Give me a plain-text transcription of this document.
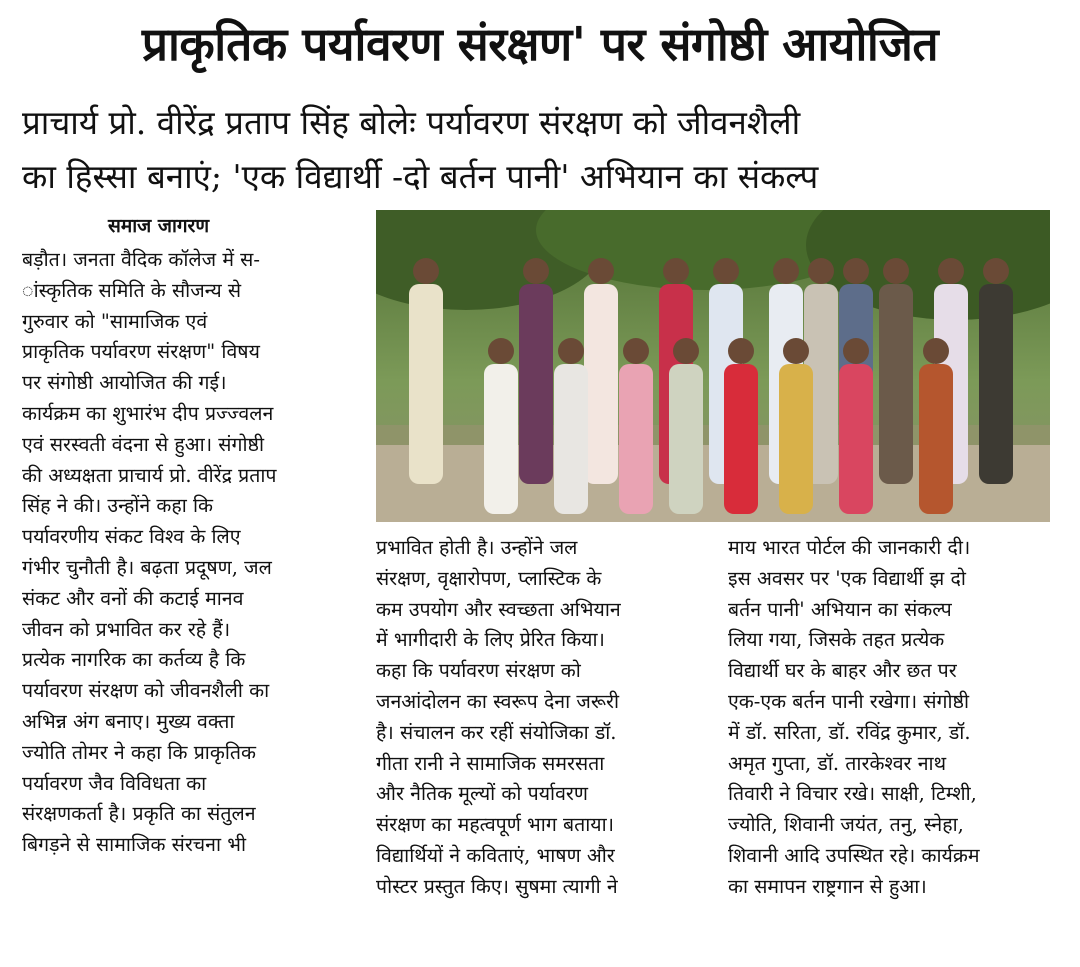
प्राकृतिक पर्यावरण संरक्षण' पर संगोष्ठी आयोजित
प्राचार्य प्रो. वीरेंद्र प्रताप सिंह बोलेः पर्यावरण संरक्षण को जीवनशैली
का हिस्सा बनाएं; 'एक विद्यार्थी -दो बर्तन पानी' अभियान का संकल्प
समाज जागरण
बड़ौत। जनता वैदिक कॉलेज में स-
ांस्कृतिक समिति के सौजन्य से
गुरुवार को "सामाजिक एवं
प्राकृतिक पर्यावरण संरक्षण" विषय
पर संगोष्ठी आयोजित की गई।
कार्यक्रम का शुभारंभ दीप प्रज्ज्वलन
एवं सरस्वती वंदना से हुआ। संगोष्ठी
की अध्यक्षता प्राचार्य प्रो. वीरेंद्र प्रताप
सिंह ने की। उन्होंने कहा कि
पर्यावरणीय संकट विश्व के लिए
गंभीर चुनौती है। बढ़ता प्रदूषण, जल
संकट और वनों की कटाई मानव
जीवन को प्रभावित कर रहे हैं।
प्रत्येक नागरिक का कर्तव्य है कि
पर्यावरण संरक्षण को जीवनशैली का
अभिन्न अंग बनाए। मुख्य वक्ता
ज्योति तोमर ने कहा कि प्राकृतिक
पर्यावरण जैव विविधता का
संरक्षणकर्ता है। प्रकृति का संतुलन
बिगड़ने से सामाजिक संरचना भी
प्रभावित होती है। उन्होंने जल
संरक्षण, वृक्षारोपण, प्लास्टिक के
कम उपयोग और स्वच्छता अभियान
में भागीदारी के लिए प्रेरित किया।
कहा कि पर्यावरण संरक्षण को
जनआंदोलन का स्वरूप देना जरूरी
है। संचालन कर रहीं संयोजिका डॉ.
गीता रानी ने सामाजिक समरसता
और नैतिक मूल्यों को पर्यावरण
संरक्षण का महत्वपूर्ण भाग बताया।
विद्यार्थियों ने कविताएं, भाषण और
पोस्टर प्रस्तुत किए। सुषमा त्यागी ने
माय भारत पोर्टल की जानकारी दी।
इस अवसर पर 'एक विद्यार्थी झ दो
बर्तन पानी' अभियान का संकल्प
लिया गया, जिसके तहत प्रत्येक
विद्यार्थी घर के बाहर और छत पर
एक-एक बर्तन पानी रखेगा। संगोष्ठी
में डॉ. सरिता, डॉ. रविंद्र कुमार, डॉ.
अमृत गुप्ता, डॉ. तारकेश्वर नाथ
तिवारी ने विचार रखे। साक्षी, टिम्शी,
ज्योति, शिवानी जयंत, तनु, स्नेहा,
शिवानी आदि उपस्थित रहे। कार्यक्रम
का समापन राष्ट्रगान से हुआ।
